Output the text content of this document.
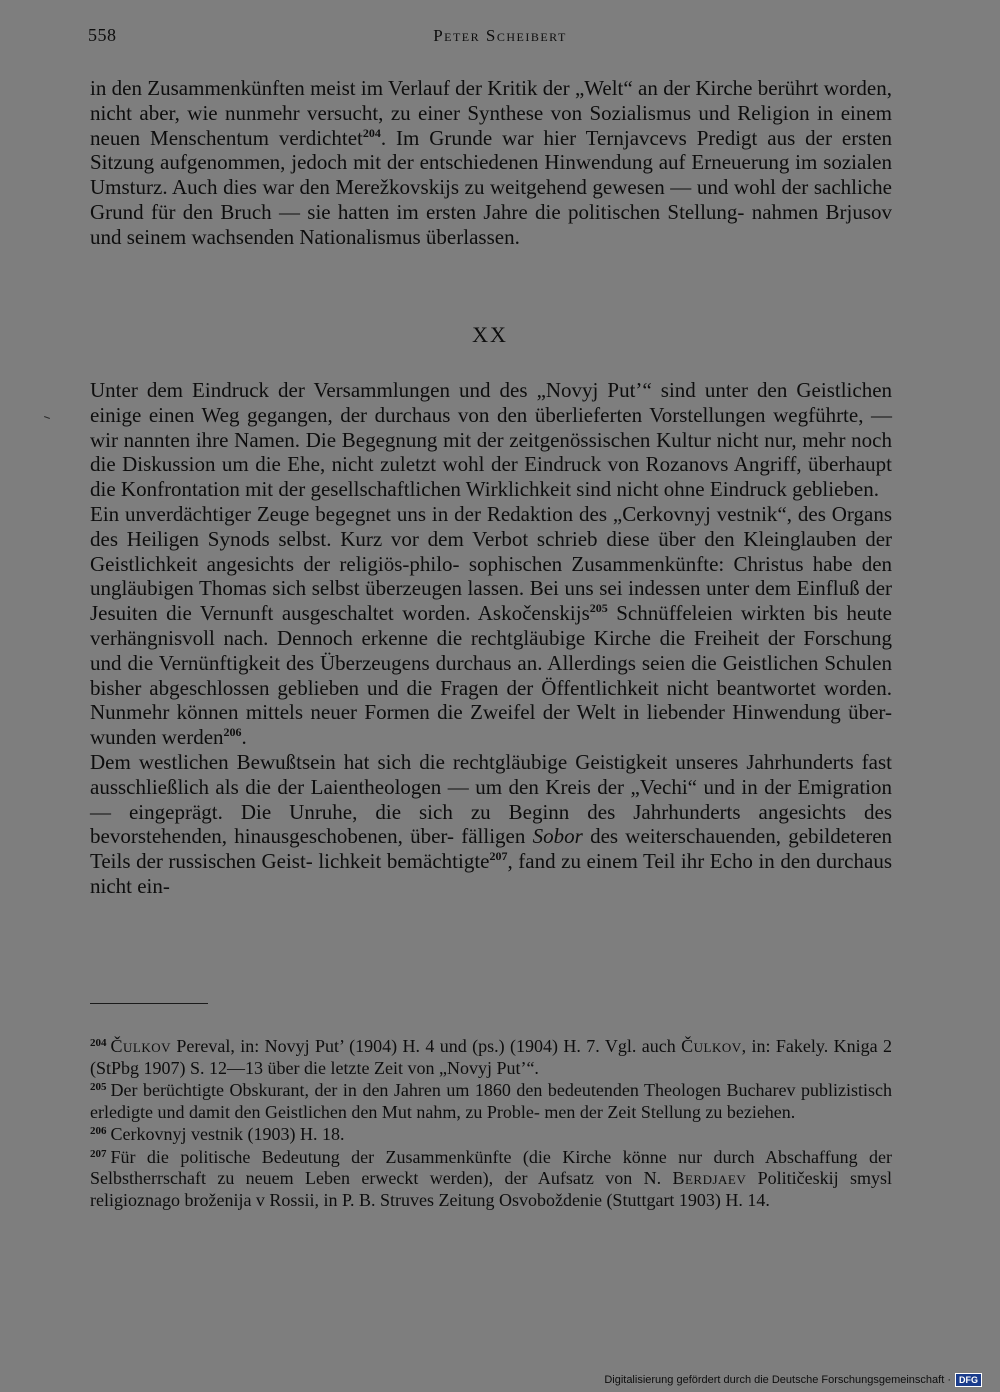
558	Peter Scheibert

in den Zusammenkünften meist im Verlauf der Kritik der „Welt“ an der Kirche berührt worden, nicht aber, wie nunmehr versucht, zu einer Synthese von Sozialismus und Religion in einem neuen Menschentum verdichtet$^{204}$. Im Grunde war hier Ternjavcevs Predigt aus der ersten Sitzung aufgenommen, jedoch mit der entschiedenen Hinwendung auf Erneuerung im sozialen Umsturz. Auch dies war den Merežkovskijs zu weitgehend gewesen — und wohl der sachliche Grund für den Bruch — sie hatten im ersten Jahre die politischen Stellung- nahmen Brjusov und seinem wachsenden Nationalismus überlassen.

XX

Unter dem Eindruck der Versammlungen und des „Novyj Put’“ sind unter den Geistlichen einige einen Weg gegangen, der durchaus von den überlieferten Vorstellungen wegführte, — wir nannten ihre Namen. Die Begegnung mit der zeitgenössischen Kultur nicht nur, mehr noch die Diskussion um die Ehe, nicht zuletzt wohl der Eindruck von Rozanovs Angriff, überhaupt die Konfrontation mit der gesellschaftlichen Wirklichkeit sind nicht ohne Eindruck geblieben.

Ein unverdächtiger Zeuge begegnet uns in der Redaktion des „Cerkovnyj vestnik“, des Organs des Heiligen Synods selbst. Kurz vor dem Verbot schrieb diese über den Kleinglauben der Geistlichkeit angesichts der religiös-philo- sophischen Zusammenkünfte: Christus habe den ungläubigen Thomas sich selbst überzeugen lassen. Bei uns sei indessen unter dem Einfluß der Jesuiten die Vernunft ausgeschaltet worden. Askočenskijs$^{205}$ Schnüffeleien wirkten bis heute verhängnisvoll nach. Dennoch erkenne die rechtgläubige Kirche die Freiheit der Forschung und die Vernünftigkeit des Überzeugens durchaus an. Allerdings seien die Geistlichen Schulen bisher abgeschlossen geblieben und die Fragen der Öffentlichkeit nicht beantwortet worden. Nunmehr können mittels neuer Formen die Zweifel der Welt in liebender Hinwendung über- wunden werden$^{206}$.

Dem westlichen Bewußtsein hat sich die rechtgläubige Geistigkeit unseres Jahrhunderts fast ausschließlich als die der Laientheologen — um den Kreis der „Vechi“ und in der Emigration — eingeprägt. Die Unruhe, die sich zu Beginn des Jahrhunderts angesichts des bevorstehenden, hinausgeschobenen, über- fälligen Sobor des weiterschauenden, gebildeteren Teils der russischen Geist- lichkeit bemächtigte$^{207}$, fand zu einem Teil ihr Echo in den durchaus nicht ein-

$^{204}$ Čulkov Pereval, in: Novyj Put’ (1904) H. 4 und (ps.) (1904) H. 7. Vgl. auch Čulkov, in: Fakely. Kniga 2 (StPbg 1907) S. 12—13 über die letzte Zeit von „Novyj Put’“.

$^{205}$ Der berüchtigte Obskurant, der in den Jahren um 1860 den bedeutenden Theologen Bucharev publizistisch erledigte und damit den Geistlichen den Mut nahm, zu Proble- men der Zeit Stellung zu beziehen.

$^{206}$ Cerkovnyj vestnik (1903) H. 18.

$^{207}$ Für die politische Bedeutung der Zusammenkünfte (die Kirche könne nur durch Abschaffung der Selbstherrschaft zu neuem Leben erweckt werden), der Aufsatz von N. Berdjaev Političeskij smysl religioznago broženija v Rossii, in P. B. Struves Zeitung Osvoboždenie (Stuttgart 1903) H. 14.

Digitalisierung gefördert durch die Deutsche Forschungsgemeinschaft · DFG
